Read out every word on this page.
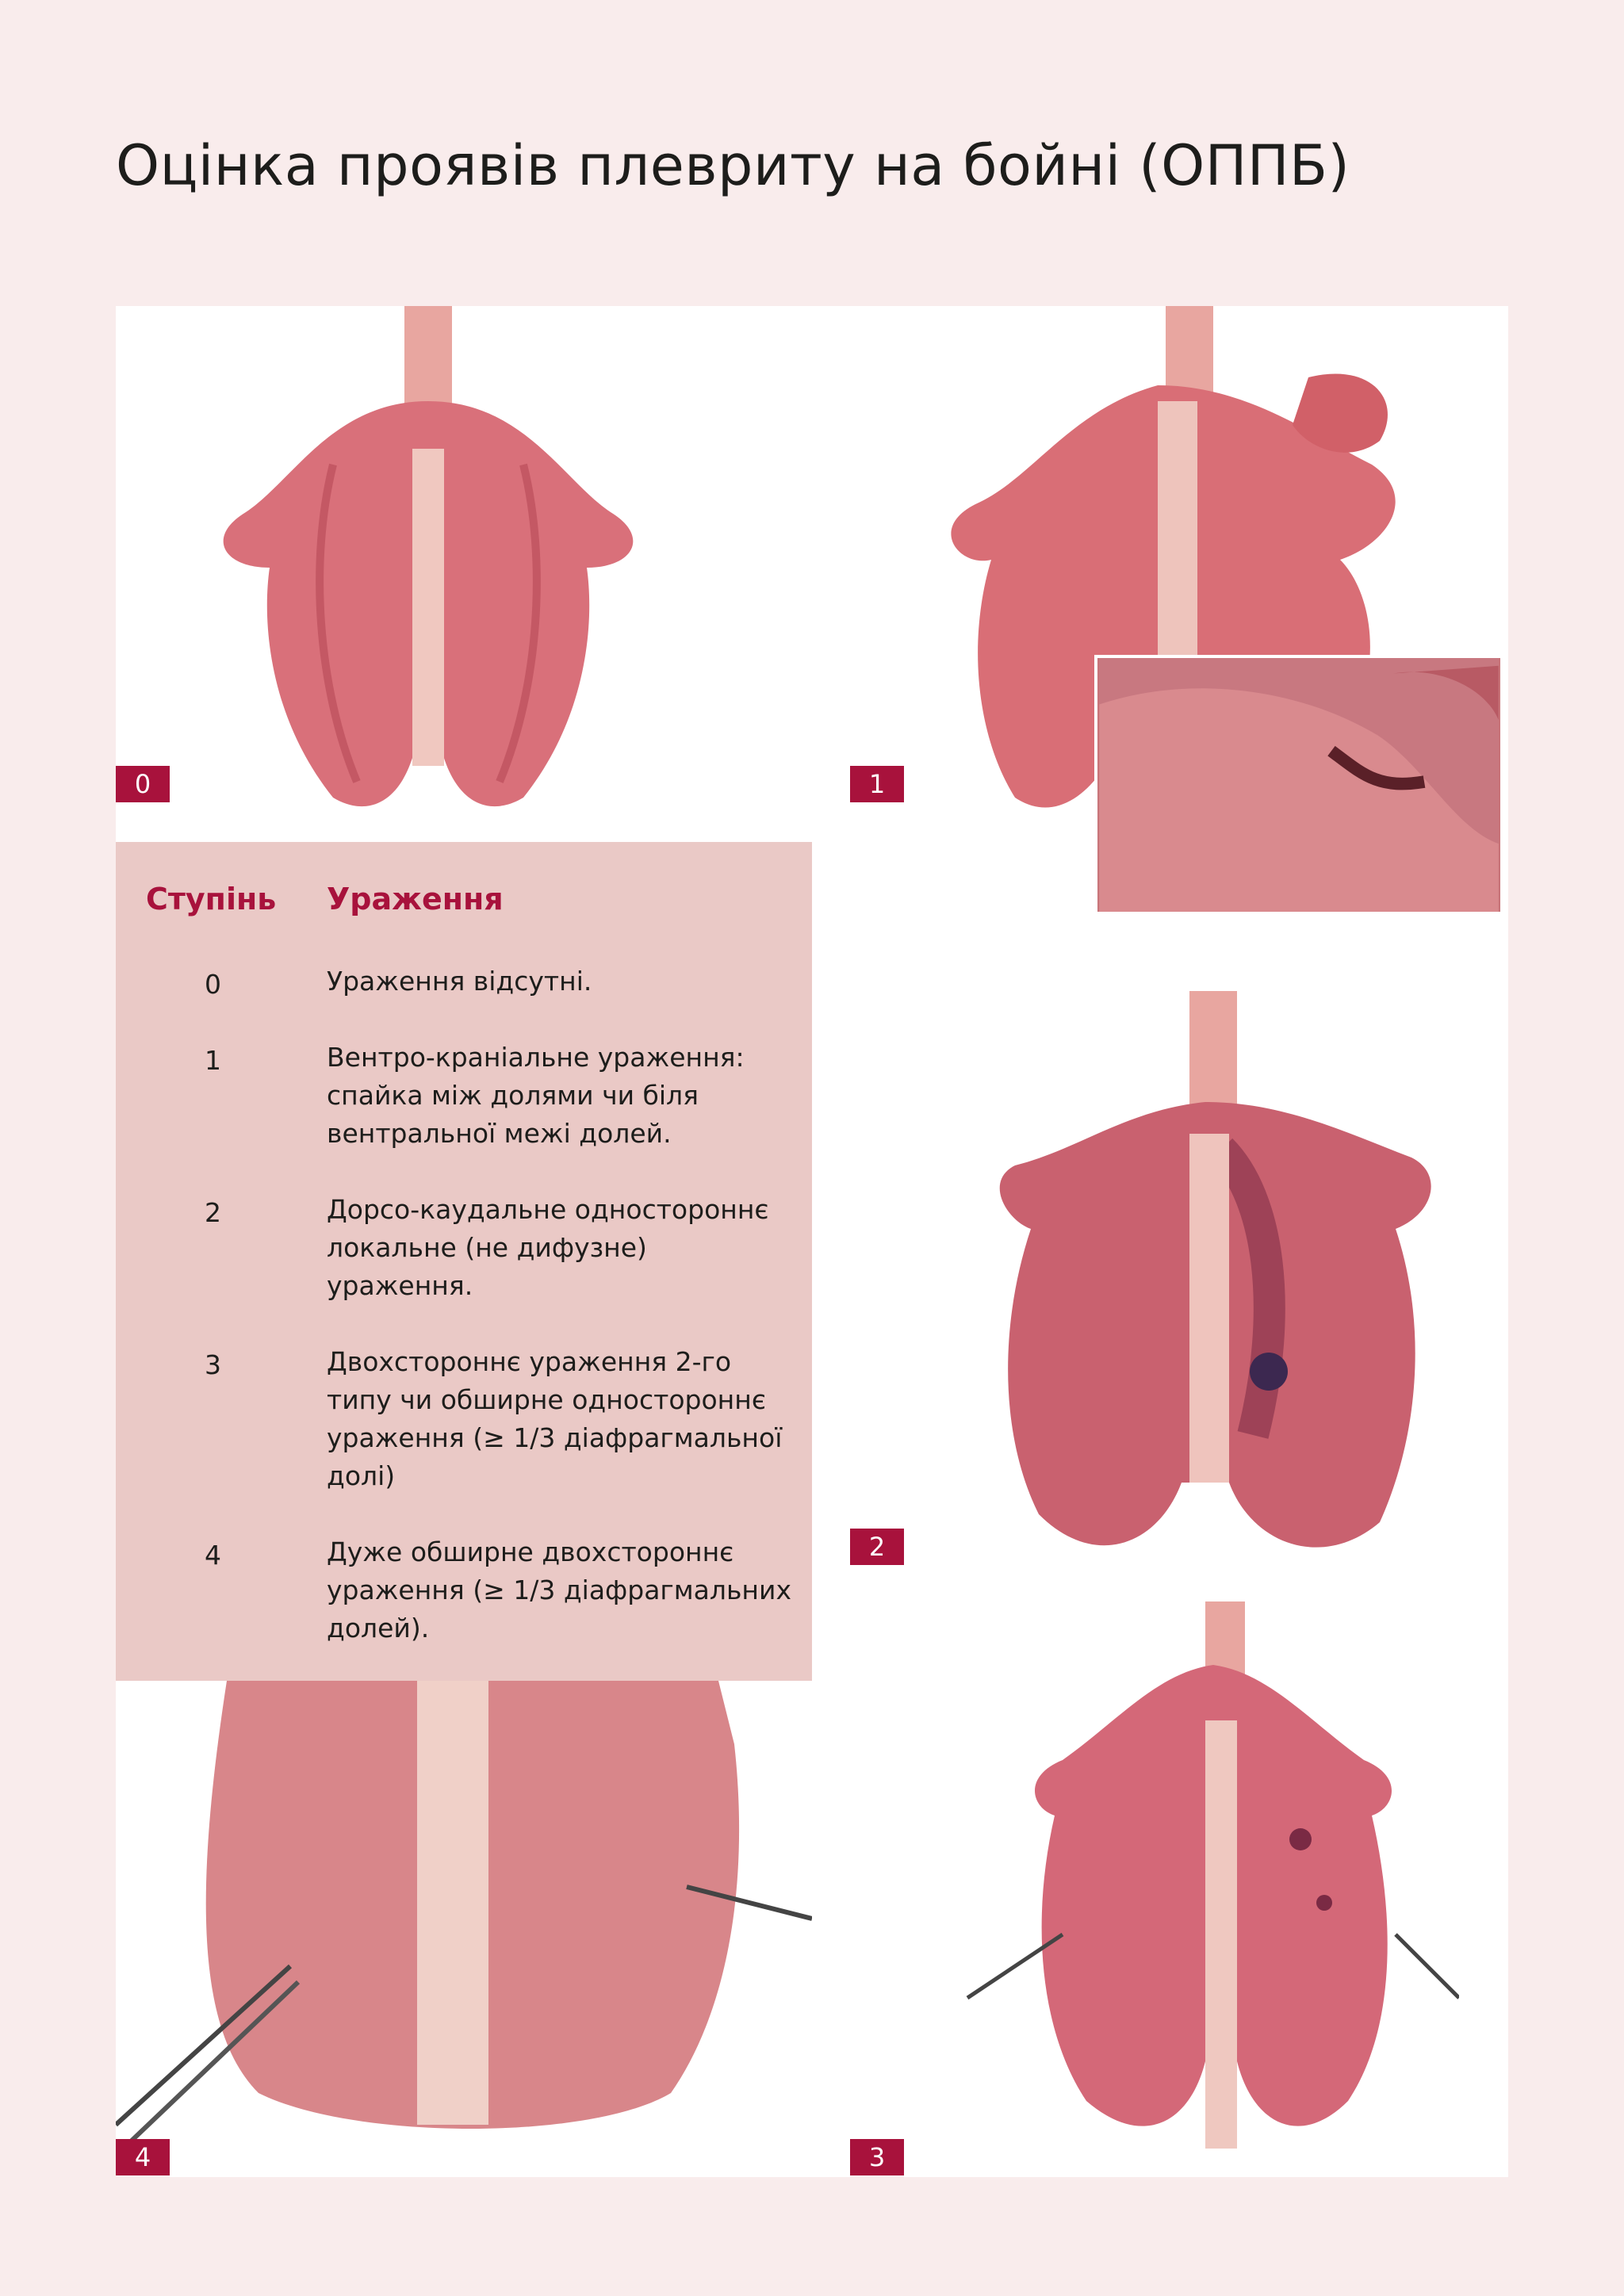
Оцінка проявів плевриту на бойні (ОППБ)
0	1
Ступінь Ураження
0	Ураження відсутні.
1	Вентро-краніальне ураження: спайка між долями чи біля вентральної межі долей.
2	Дорсо-каудальне одностороннє локальне (не дифузне) ураження.
3	Двохстороннє ураження 2-го типу чи обширне одностороннє ураження (≥ 1/3 діафрагмальної долі)
4	Дуже обширне двохстороннє ураження (≥ 1/3 діафрагмальних долей).
2
4	3
